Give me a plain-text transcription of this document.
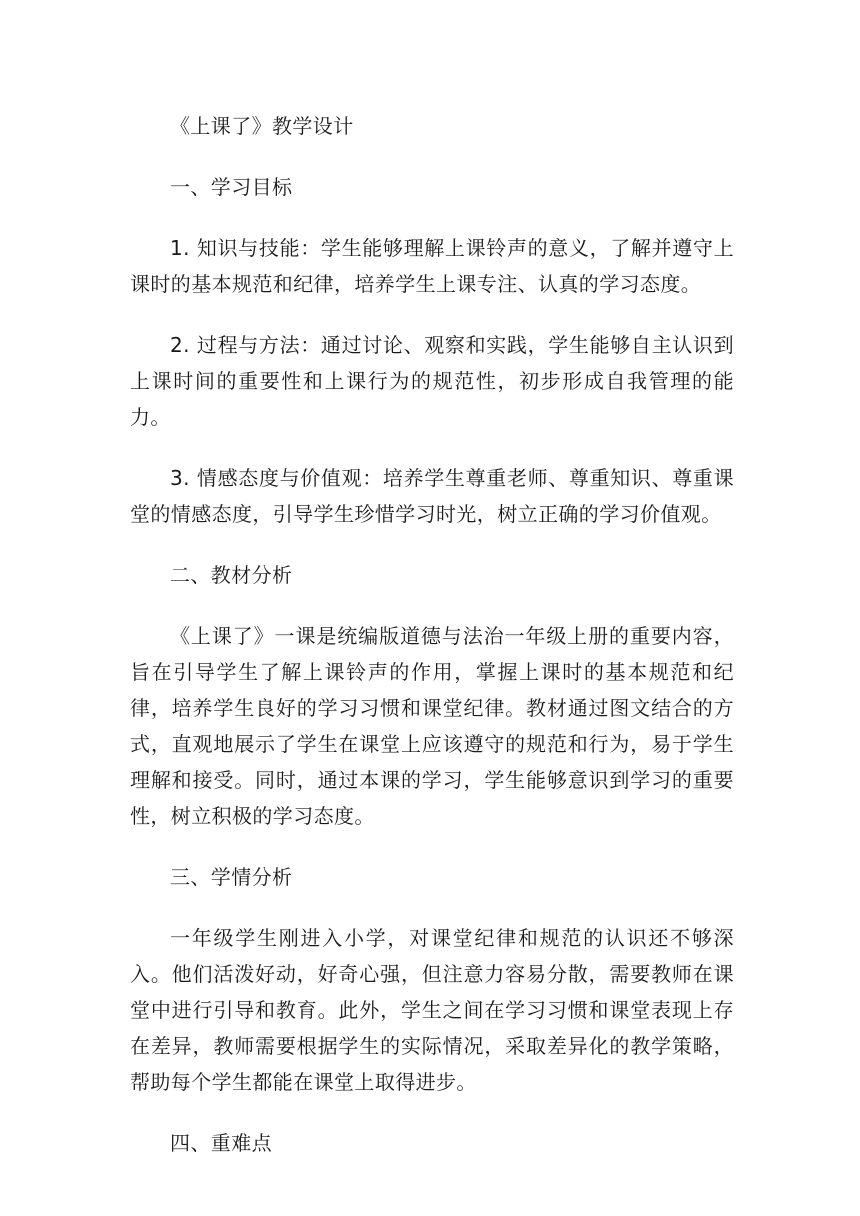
《上课了》教学设计

一、学习目标

1. 知识与技能：学生能够理解上课铃声的意义，了解并遵守上课时的基本规范和纪律，培养学生上课专注、认真的学习态度。

2. 过程与方法：通过讨论、观察和实践，学生能够自主认识到上课时间的重要性和上课行为的规范性，初步形成自我管理的能力。

3. 情感态度与价值观：培养学生尊重老师、尊重知识、尊重课堂的情感态度，引导学生珍惜学习时光，树立正确的学习价值观。

二、教材分析

《上课了》一课是统编版道德与法治一年级上册的重要内容，旨在引导学生了解上课铃声的作用，掌握上课时的基本规范和纪律，培养学生良好的学习习惯和课堂纪律。教材通过图文结合的方式，直观地展示了学生在课堂上应该遵守的规范和行为，易于学生理解和接受。同时，通过本课的学习，学生能够意识到学习的重要性，树立积极的学习态度。

三、学情分析

一年级学生刚进入小学，对课堂纪律和规范的认识还不够深入。他们活泼好动，好奇心强，但注意力容易分散，需要教师在课堂中进行引导和教育。此外，学生之间在学习习惯和课堂表现上存在差异，教师需要根据学生的实际情况，采取差异化的教学策略，帮助每个学生都能在课堂上取得进步。

四、重难点
